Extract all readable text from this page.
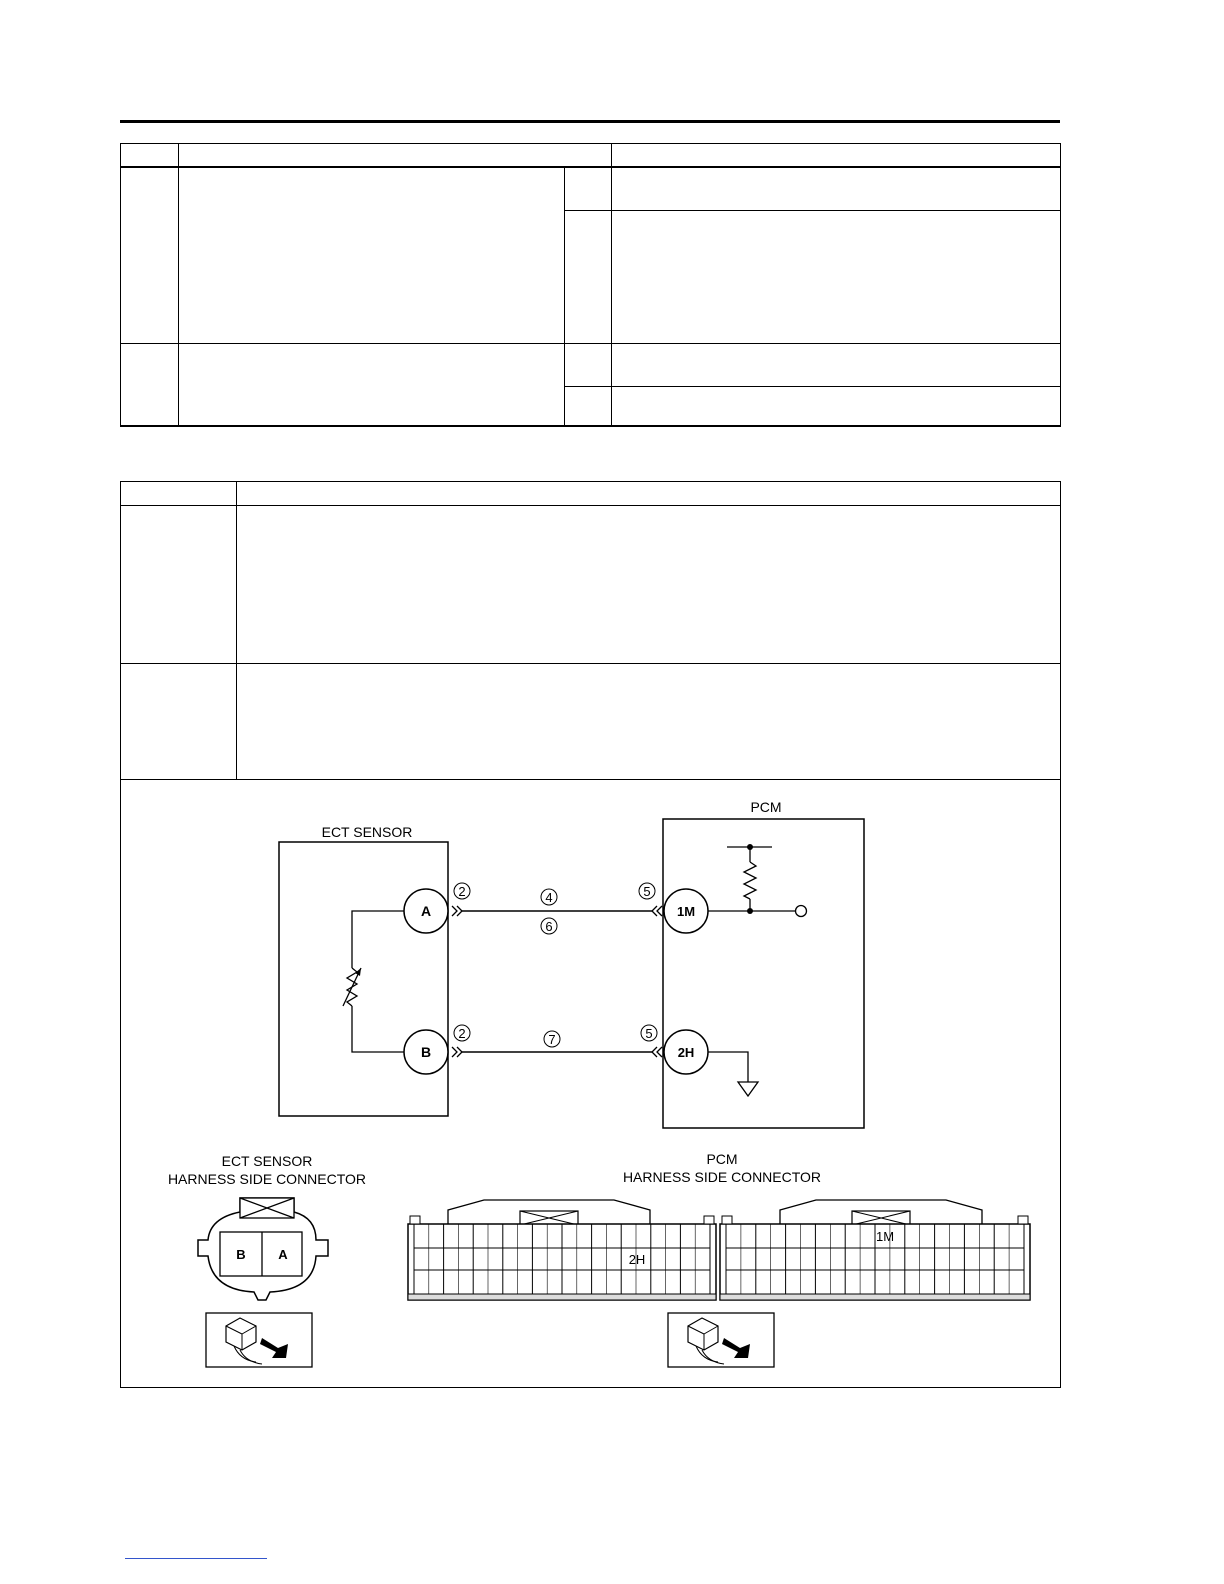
ECT SENSOR
A
B
2	4
6
5
2	7	5
PCM
1M
2H
ECT SENSOR
HARNESS SIDE CONNECTOR
B	A
PCM
HARNESS SIDE CONNECTOR
2H
1M
